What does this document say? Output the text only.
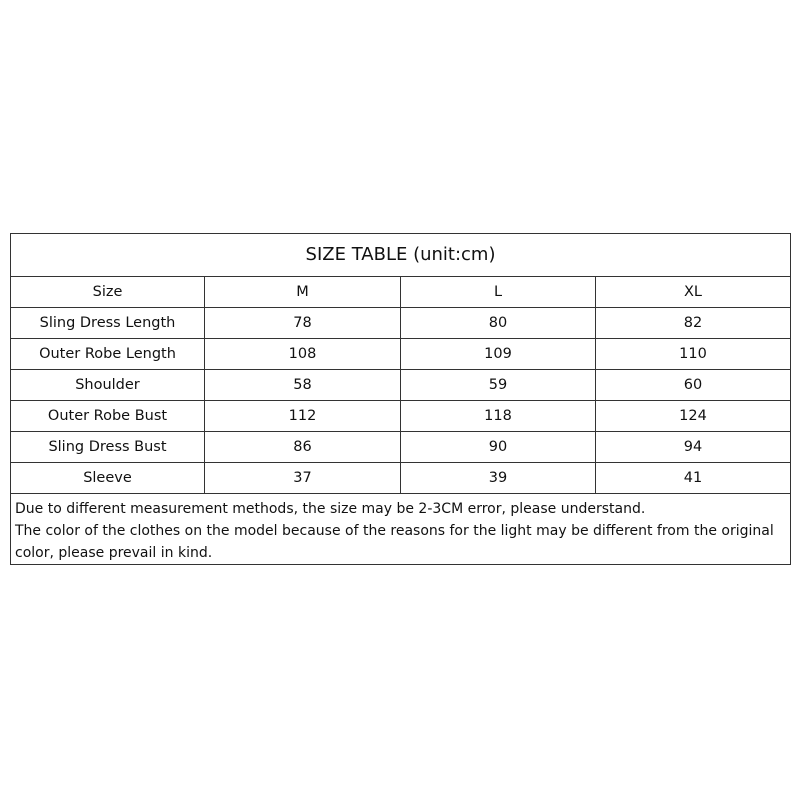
SIZE TABLE (unit:cm)			
Size	M	L	XL
Sling Dress Length	78	80	82
Outer Robe Length	108	109	110
Shoulder	58	59	60
Outer Robe Bust	112	118	124
Sling Dress Bust	86	90	94
Sleeve	37	39	41

Due to different measurement methods, the size may be 2-3CM error, please understand.
The color of the clothes on the model because of the reasons for the light may be different from the original color, please prevail in kind.			
